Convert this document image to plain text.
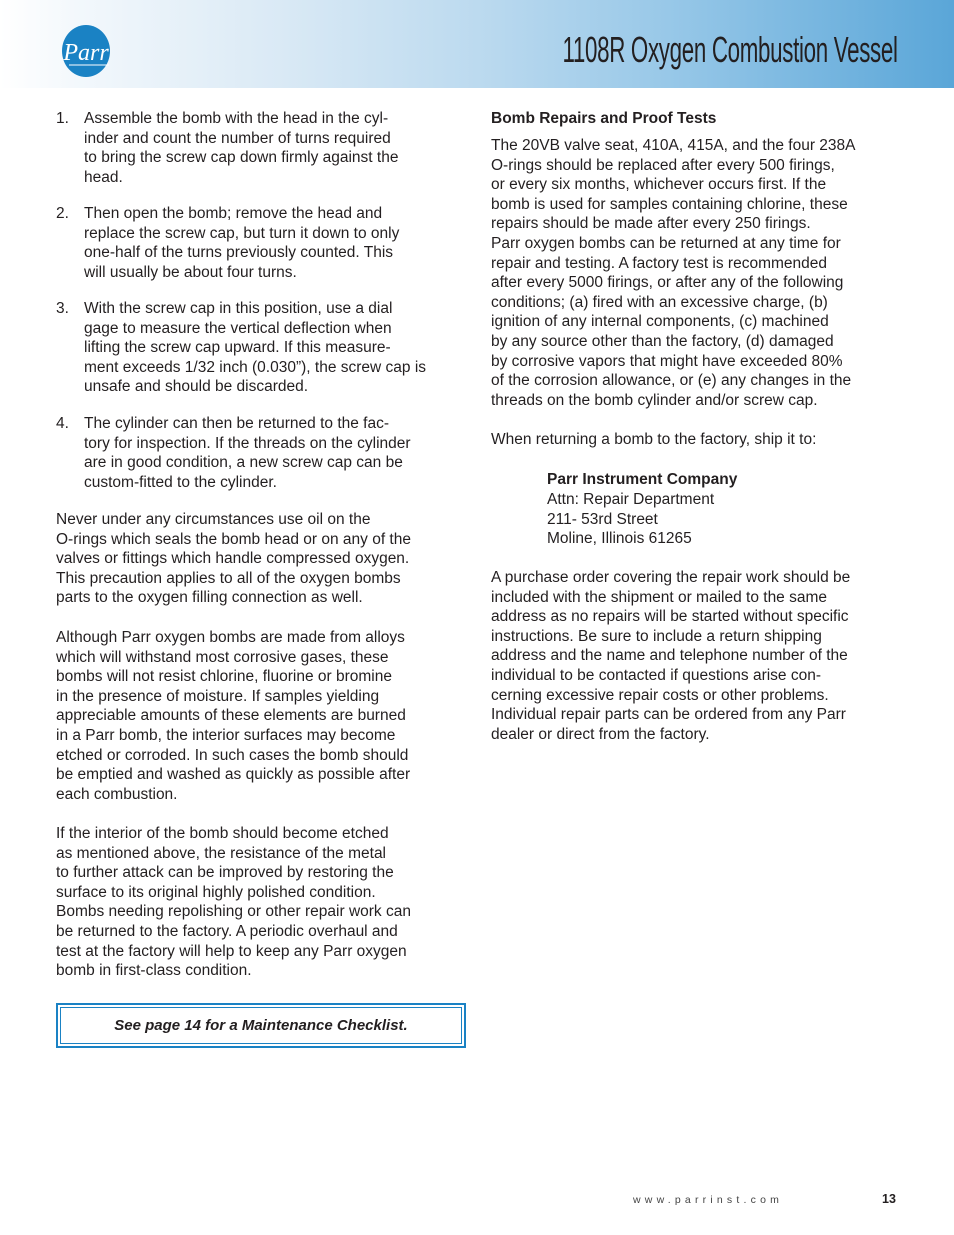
Parr	1108R Oxygen Combustion Vessel
1. Assemble the bomb with the head in the cyl-
inder and count the number of turns required
to bring the screw cap down firmly against the
head.
2. Then open the bomb; remove the head and
replace the screw cap, but turn it down to only
one-half of the turns previously counted. This
will usually be about four turns.
3. With the screw cap in this position, use a dial
gage to measure the vertical deflection when
lifting the screw cap upward. If this measure-
ment exceeds 1/32 inch (0.030”), the screw cap is
unsafe and should be discarded.
4. The cylinder can then be returned to the fac-
tory for inspection. If the threads on the cylinder
are in good condition, a new screw cap can be
custom-fitted to the cylinder.
Never under any circumstances use oil on the
O-rings which seals the bomb head or on any of the
valves or fittings which handle compressed oxygen.
This precaution applies to all of the oxygen bombs
parts to the oxygen filling connection as well.
Although Parr oxygen bombs are made from alloys
which will withstand most corrosive gases, these
bombs will not resist chlorine, fluorine or bromine
in the presence of moisture. If samples yielding
appreciable amounts of these elements are burned
in a Parr bomb, the interior surfaces may become
etched or corroded. In such cases the bomb should
be emptied and washed as quickly as possible after
each combustion.
If the interior of the bomb should become etched
as mentioned above, the resistance of the metal
to further attack can be improved by restoring the
surface to its original highly polished condition.
Bombs needing repolishing or other repair work can
be returned to the factory. A periodic overhaul and
test at the factory will help to keep any Parr oxygen
bomb in first-class condition.
See page 14 for a Maintenance Checklist.
Bomb Repairs and Proof Tests
The 20VB valve seat, 410A, 415A, and the four 238A
O-rings should be replaced after every 500 firings,
or every six months, whichever occurs first. If the
bomb is used for samples containing chlorine, these
repairs should be made after every 250 firings.
Parr oxygen bombs can be returned at any time for
repair and testing. A factory test is recommended
after every 5000 firings, or after any of the following
conditions; (a) fired with an excessive charge, (b)
ignition of any internal components, (c) machined
by any source other than the factory, (d) damaged
by corrosive vapors that might have exceeded 80%
of the corrosion allowance, or (e) any changes in the
threads on the bomb cylinder and/or screw cap.
When returning a bomb to the factory, ship it to:
Parr Instrument Company
Attn: Repair Department
211- 53rd Street
Moline, Illinois 61265
A purchase order covering the repair work should be
included with the shipment or mailed to the same
address as no repairs will be started without specific
instructions. Be sure to include a return shipping
address and the name and telephone number of the
individual to be contacted if questions arise con-
cerning excessive repair costs or other problems.
Individual repair parts can be ordered from any Parr
dealer or direct from the factory.
www.parrinst.com	13
